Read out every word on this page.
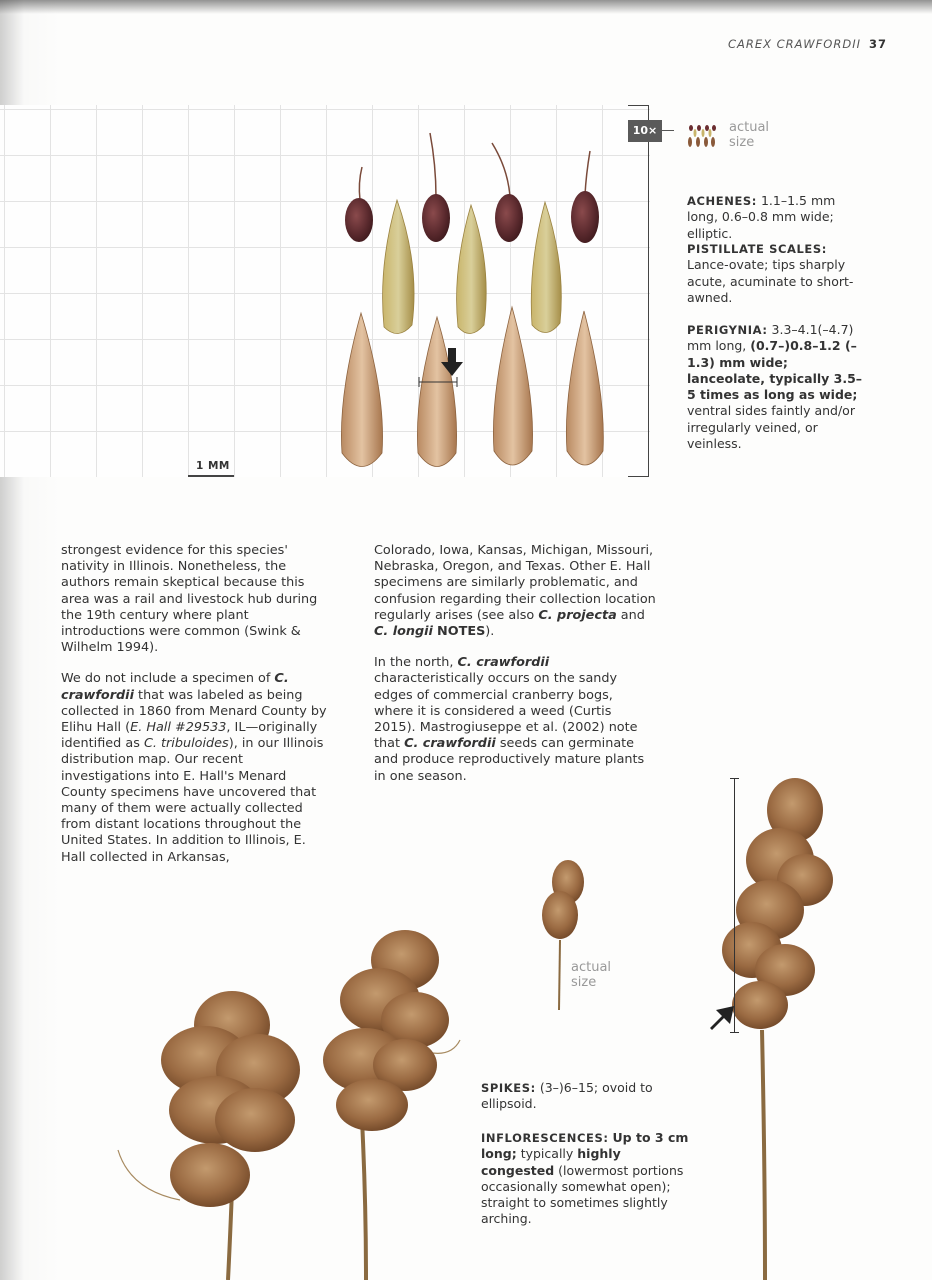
CAREX CRAWFORDII 37
10×	actual
size
1 MM
ACHENES: 1.1–1.5 mm long, 0.6–0.8 mm wide; elliptic.
PISTILLATE SCALES:
Lance-ovate; tips sharply acute, acuminate to short-awned.
PERIGYNIA: 3.3–4.1(–4.7) mm long, (0.7–)0.8–1.2 (–1.3) mm wide; lanceolate, typically 3.5–5 times as long as wide; ventral sides faintly and/or irregularly veined, or veinless.

strongest evidence for this species' nativity in Illinois. Nonetheless, the authors remain skeptical because this area was a rail and livestock hub during the 19th century where plant introductions were common (Swink & Wilhelm 1994).

We do not include a specimen of C. crawfordii that was labeled as being collected in 1860 from Menard County by Elihu Hall (E. Hall #29533, IL—originally identified as C. tribuloides), in our Illinois distribution map. Our recent investigations into E. Hall's Menard County specimens have uncovered that many of them were actually collected from distant locations throughout the United States. In addition to Illinois, E. Hall collected in Arkansas,

Colorado, Iowa, Kansas, Michigan, Missouri, Nebraska, Oregon, and Texas. Other E. Hall specimens are similarly problematic, and confusion regarding their collection location regularly arises (see also C. projecta and C. longii NOTES).

In the north, C. crawfordii characteristically occurs on the sandy edges of commercial cranberry bogs, where it is considered a weed (Curtis 2015). Mastrogiuseppe et al. (2002) note that C. crawfordii seeds can germinate and produce reproductively mature plants in one season.

actual
size
SPIKES: (3–)6–15; ovoid to ellipsoid.
INFLORESCENCES: Up to 3 cm long; typically highly congested (lowermost portions occasionally somewhat open); straight to sometimes slightly arching.
